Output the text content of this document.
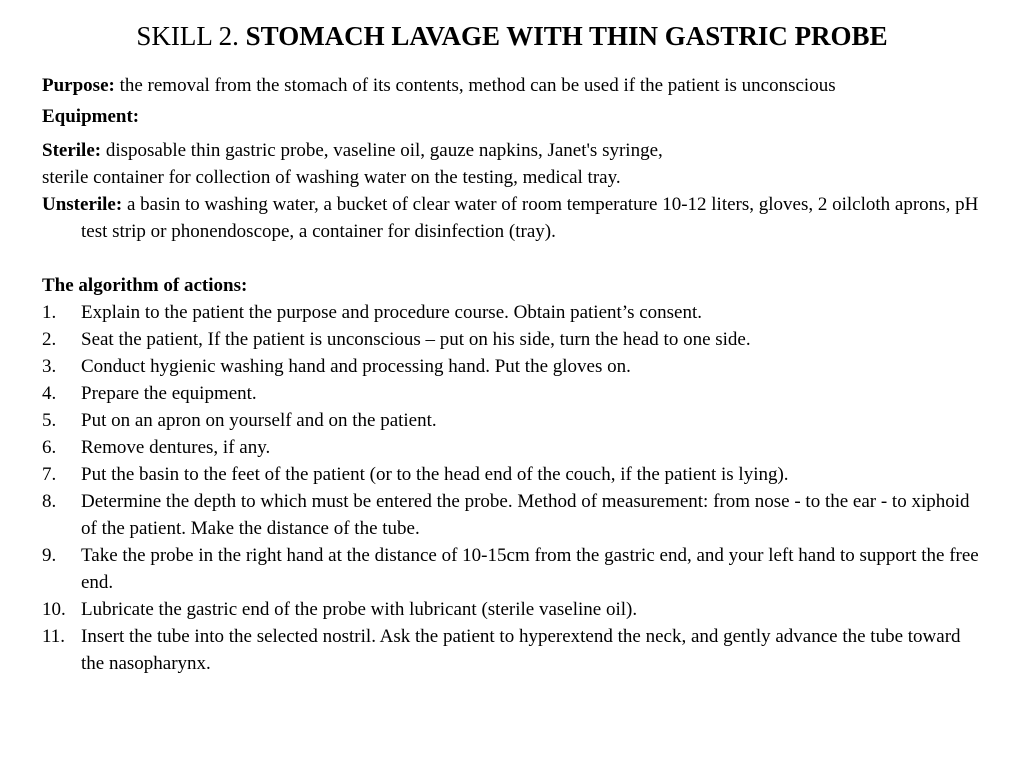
SKILL 2. STOMACH LAVAGE WITH THIN GASTRIC PROBE

Purpose: the removal from the stomach of its contents, method can be used if the patient is unconscious

Equipment:

Sterile: disposable thin gastric probe, vaseline oil, gauze napkins, Janet's syringe,

sterile container for collection of washing water on the testing, medical tray.

Unsterile: a basin to washing water, a bucket of clear water of room temperature 10-12 liters, gloves, 2 oilcloth aprons, pH test strip or phonendoscope, a container for disinfection (tray).

The algorithm of actions:

1.	Explain to the patient the purpose and procedure course. Obtain patient’s consent.
2.	Seat the patient, If the patient is unconscious – put on his side, turn the head to one side.
3.	Conduct hygienic washing hand and processing hand. Put the gloves on.
4.	Prepare the equipment.
5.	Put on an apron on yourself and on the patient.
6.	Remove dentures, if any.
7.	Put the basin to the feet of the patient (or to the head end of the couch, if the patient is lying).
8.	Determine the depth to which must be entered the probe. Method of measurement: from nose - to the ear - to xiphoid of the patient. Make the distance of the tube.
9.	Take the probe in the right hand at the distance of 10-15cm from the gastric end, and your left hand to support the free end.
10. Lubricate the gastric end of the probe with lubricant (sterile vaseline oil).
11. Insert the tube into the selected nostril. Ask the patient to hyperextend the neck, and gently advance the tube toward the nasopharynx.
